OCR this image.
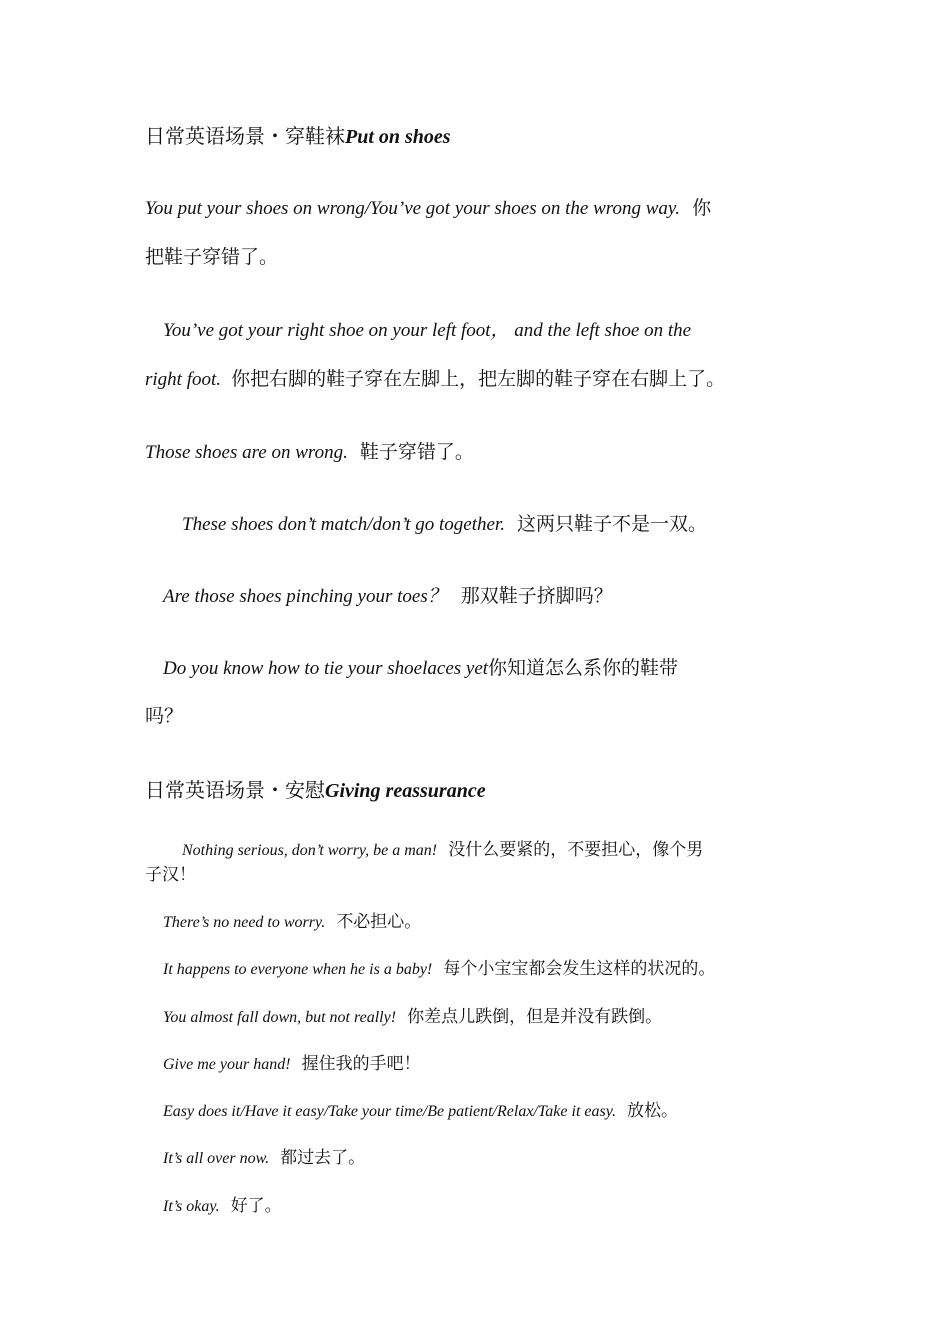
日常英语场景・穿鞋袜Put on shoes
You put your shoes on wrong/You’ve got your shoes on the wrong way. 你
把鞋子穿错了。
You’ve got your right shoe on your left foot， and the left shoe on the
right foot. 你把右脚的鞋子穿在左脚上，把左脚的鞋子穿在右脚上了。
Those shoes are on wrong. 鞋子穿错了。
These shoes don’t match/don’t go together. 这两只鞋子不是一双。
Are those shoes pinching your toes？ 那双鞋子挤脚吗？
Do you know how to tie your shoelaces yet你知道怎么系你的鞋带
吗？
日常英语场景・安慰Giving reassurance
Nothing serious, don’t worry, be a man! 没什么要紧的，不要担心，像个男
子汉！
There’s no need to worry. 不必担心。
It happens to everyone when he is a baby! 每个小宝宝都会发生这样的状况的。
You almost fall down, but not really! 你差点儿跌倒，但是并没有跌倒。
Give me your hand! 握住我的手吧！
Easy does it/Have it easy/Take your time/Be patient/Relax/Take it easy. 放松。
It’s all over now. 都过去了。
It’s okay. 好了。
